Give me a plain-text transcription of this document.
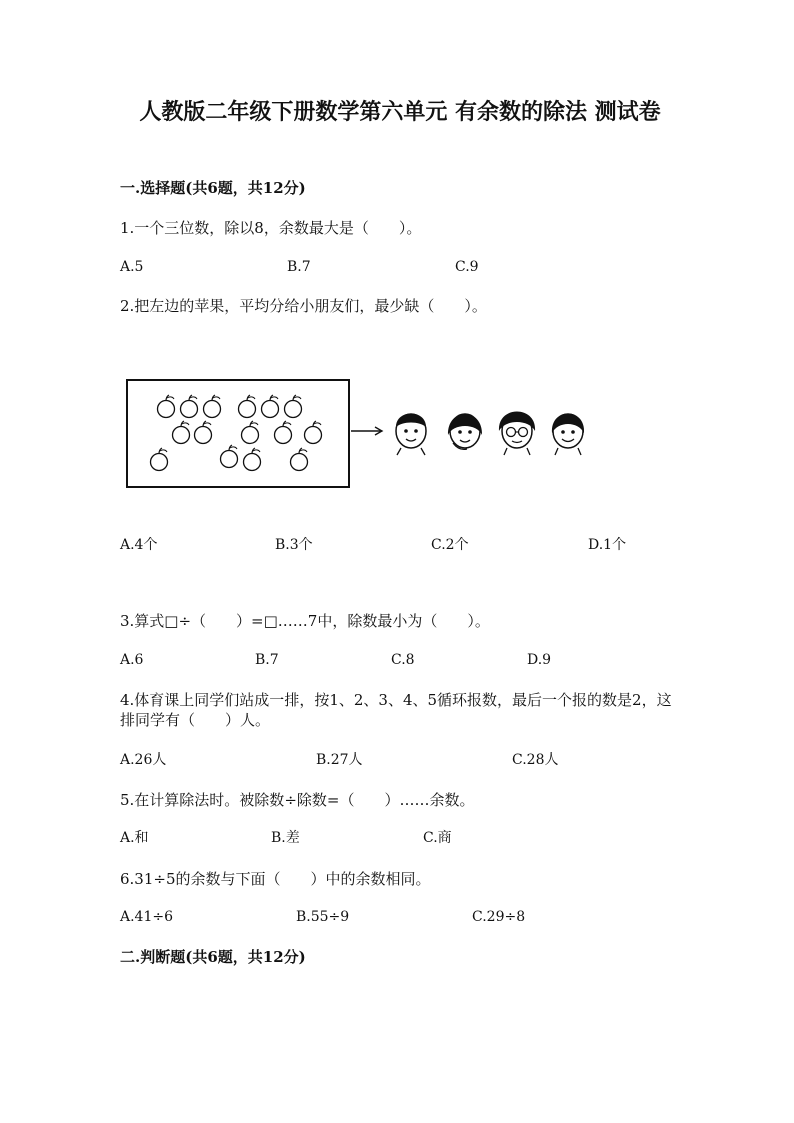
人教版二年级下册数学第六单元 有余数的除法 测试卷
一.选择题(共6题，共12分)
1.一个三位数，除以8，余数最大是（　　）。
A.5	B.7	C.9
2.把左边的苹果，平均分给小朋友们，最少缺（　　）。
A.4个	B.3个	C.2个	D.1个
3.算式□÷（　　）=□……7中，除数最小为（　　）。
A.6	B.7	C.8	D.9
4.体育课上同学们站成一排，按1、2、3、4、5循环报数，最后一个报的数是2，这排同学有（　　）人。
A.26人	B.27人	C.28人
5.在计算除法时。被除数÷除数=（　　）……余数。
A.和	B.差	C.商
6.31÷5的余数与下面（　　）中的余数相同。
A.41÷6	B.55÷9	C.29÷8
二.判断题(共6题，共12分)
